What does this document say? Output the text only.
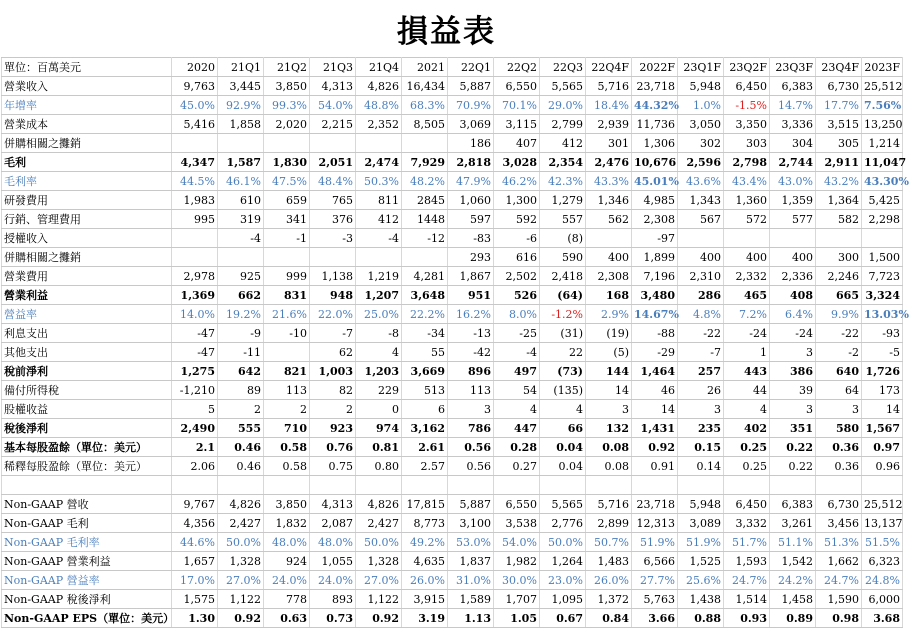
損益表
單位：百萬美元	2020	21Q1	21Q2	21Q3	21Q4	2021	22Q1	22Q2	22Q3	22Q4F	2022F	23Q1F	23Q2F	23Q3F	23Q4F	2023F
營業收入	9,763	3,445	3,850	4,313	4,826	16,434	5,887	6,550	5,565	5,716	23,718	5,948	6,450	6,383	6,730	25,512
年增率	45.0%	92.9%	99.3%	54.0%	48.8%	68.3%	70.9%	70.1%	29.0%	18.4%	44.32%	1.0%	-1.5%	14.7%	17.7%	7.56%
營業成本	5,416	1,858	2,020	2,215	2,352	8,505	3,069	3,115	2,799	2,939	11,736	3,050	3,350	3,336	3,515	13,250
併購相關之攤銷							186	407	412	301	1,306	302	303	304	305	1,214
毛利	4,347	1,587	1,830	2,051	2,474	7,929	2,818	3,028	2,354	2,476	10,676	2,596	2,798	2,744	2,911	11,047
毛利率	44.5%	46.1%	47.5%	48.4%	50.3%	48.2%	47.9%	46.2%	42.3%	43.3%	45.01%	43.6%	43.4%	43.0%	43.2%	43.30%
研發費用	1,983	610	659	765	811	2845	1,060	1,300	1,279	1,346	4,985	1,343	1,360	1,359	1,364	5,425
行銷、管理費用	995	319	341	376	412	1448	597	592	557	562	2,308	567	572	577	582	2,298
授權收入		-4	-1	-3	-4	-12	-83	-6	(8)		-97					
併購相關之攤銷							293	616	590	400	1,899	400	400	400	300	1,500
營業費用	2,978	925	999	1,138	1,219	4,281	1,867	2,502	2,418	2,308	7,196	2,310	2,332	2,336	2,246	7,723
營業利益	1,369	662	831	948	1,207	3,648	951	526	(64)	168	3,480	286	465	408	665	3,324
營益率	14.0%	19.2%	21.6%	22.0%	25.0%	22.2%	16.2%	8.0%	-1.2%	2.9%	14.67%	4.8%	7.2%	6.4%	9.9%	13.03%
利息支出	-47	-9	-10	-7	-8	-34	-13	-25	(31)	(19)	-88	-22	-24	-24	-22	-93
其他支出	-47	-11		62	4	55	-42	-4	22	(5)	-29	-7	1	3	-2	-5
稅前淨利	1,275	642	821	1,003	1,203	3,669	896	497	(73)	144	1,464	257	443	386	640	1,726
備付所得稅	-1,210	89	113	82	229	513	113	54	(135)	14	46	26	44	39	64	173
股權收益	5	2	2	2	0	6	3	4	4	3	14	3	4	3	3	14
稅後淨利	2,490	555	710	923	974	3,162	786	447	66	132	1,431	235	402	351	580	1,567
基本每股盈餘（單位：美元）	2.1	0.46	0.58	0.76	0.81	2.61	0.56	0.28	0.04	0.08	0.92	0.15	0.25	0.22	0.36	0.97
稀釋每股盈餘（單位：美元）	2.06	0.46	0.58	0.75	0.80	2.57	0.56	0.27	0.04	0.08	0.91	0.14	0.25	0.22	0.36	0.96

Non-GAAP 營收	9,767	4,826	3,850	4,313	4,826	17,815	5,887	6,550	5,565	5,716	23,718	5,948	6,450	6,383	6,730	25,512
Non-GAAP 毛利	4,356	2,427	1,832	2,087	2,427	8,773	3,100	3,538	2,776	2,899	12,313	3,089	3,332	3,261	3,456	13,137
Non-GAAP 毛利率	44.6%	50.0%	48.0%	48.0%	50.0%	49.2%	53.0%	54.0%	50.0%	50.7%	51.9%	51.9%	51.7%	51.1%	51.3%	51.5%
Non-GAAP 營業利益	1,657	1,328	924	1,055	1,328	4,635	1,837	1,982	1,264	1,483	6,566	1,525	1,593	1,542	1,662	6,323
Non-GAAP 營益率	17.0%	27.0%	24.0%	24.0%	27.0%	26.0%	31.0%	30.0%	23.0%	26.0%	27.7%	25.6%	24.7%	24.2%	24.7%	24.8%
Non-GAAP 稅後淨利	1,575	1,122	778	893	1,122	3,915	1,589	1,707	1,095	1,372	5,763	1,438	1,514	1,458	1,590	6,000
Non-GAAP EPS（單位：美元）	1.30	0.92	0.63	0.73	0.92	3.19	1.13	1.05	0.67	0.84	3.66	0.88	0.93	0.89	0.98	3.68
